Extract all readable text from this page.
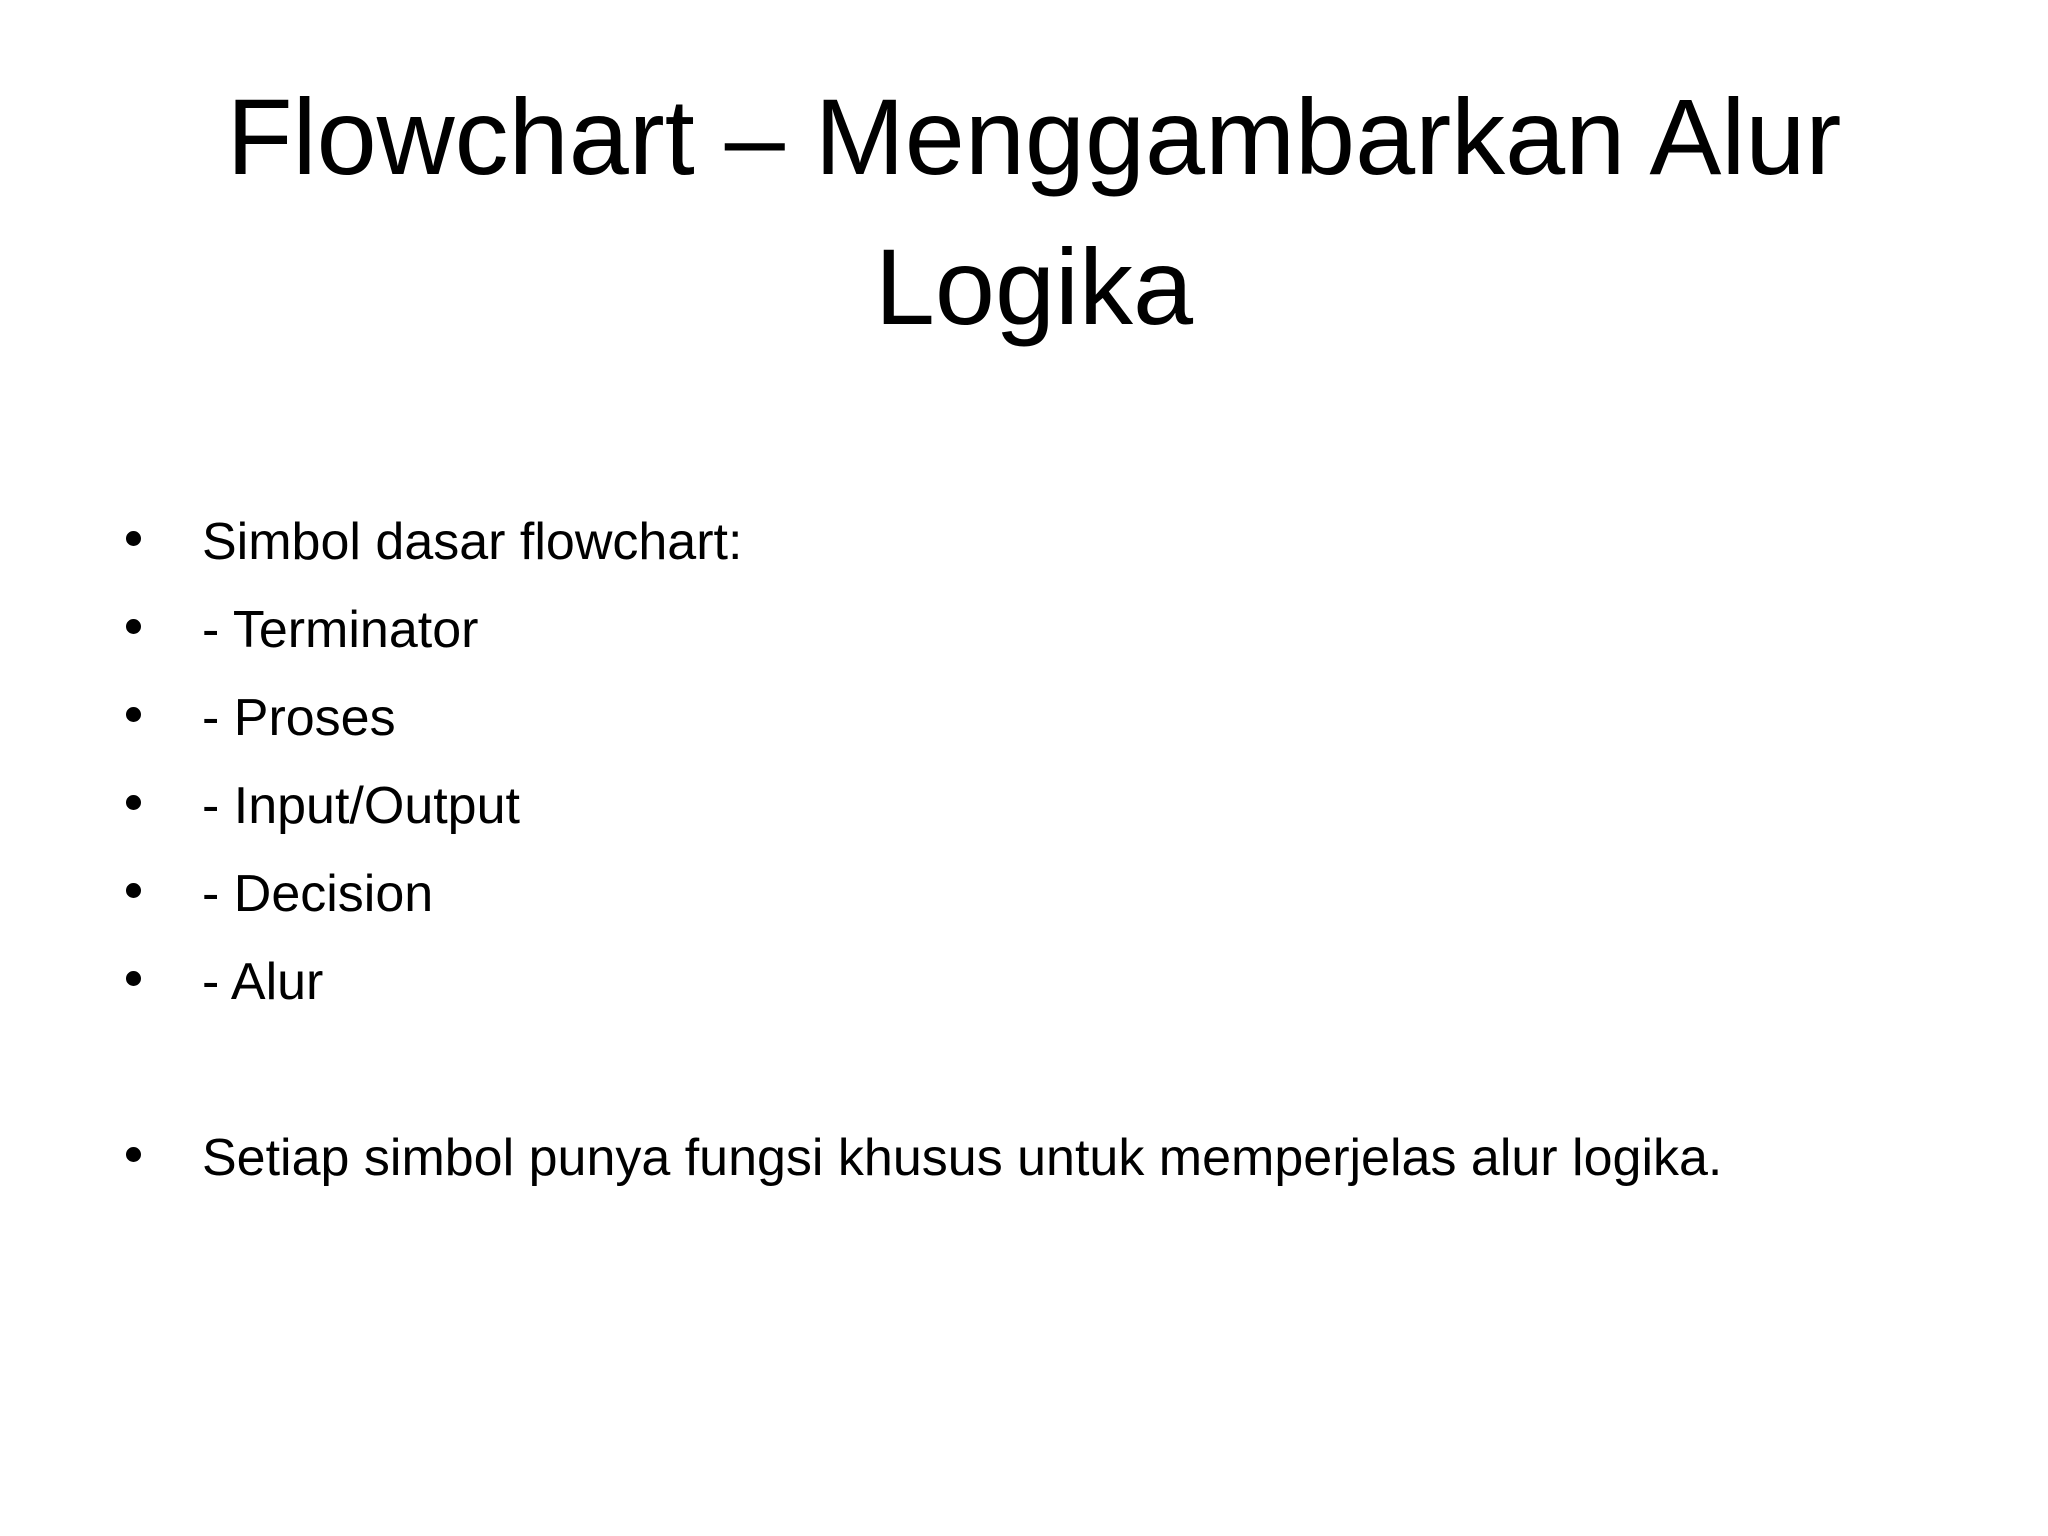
Flowchart – Menggambarkan Alur Logika
Simbol dasar flowchart:
- Terminator
- Proses
- Input/Output
- Decision
- Alur
Setiap simbol punya fungsi khusus untuk memperjelas alur logika.
